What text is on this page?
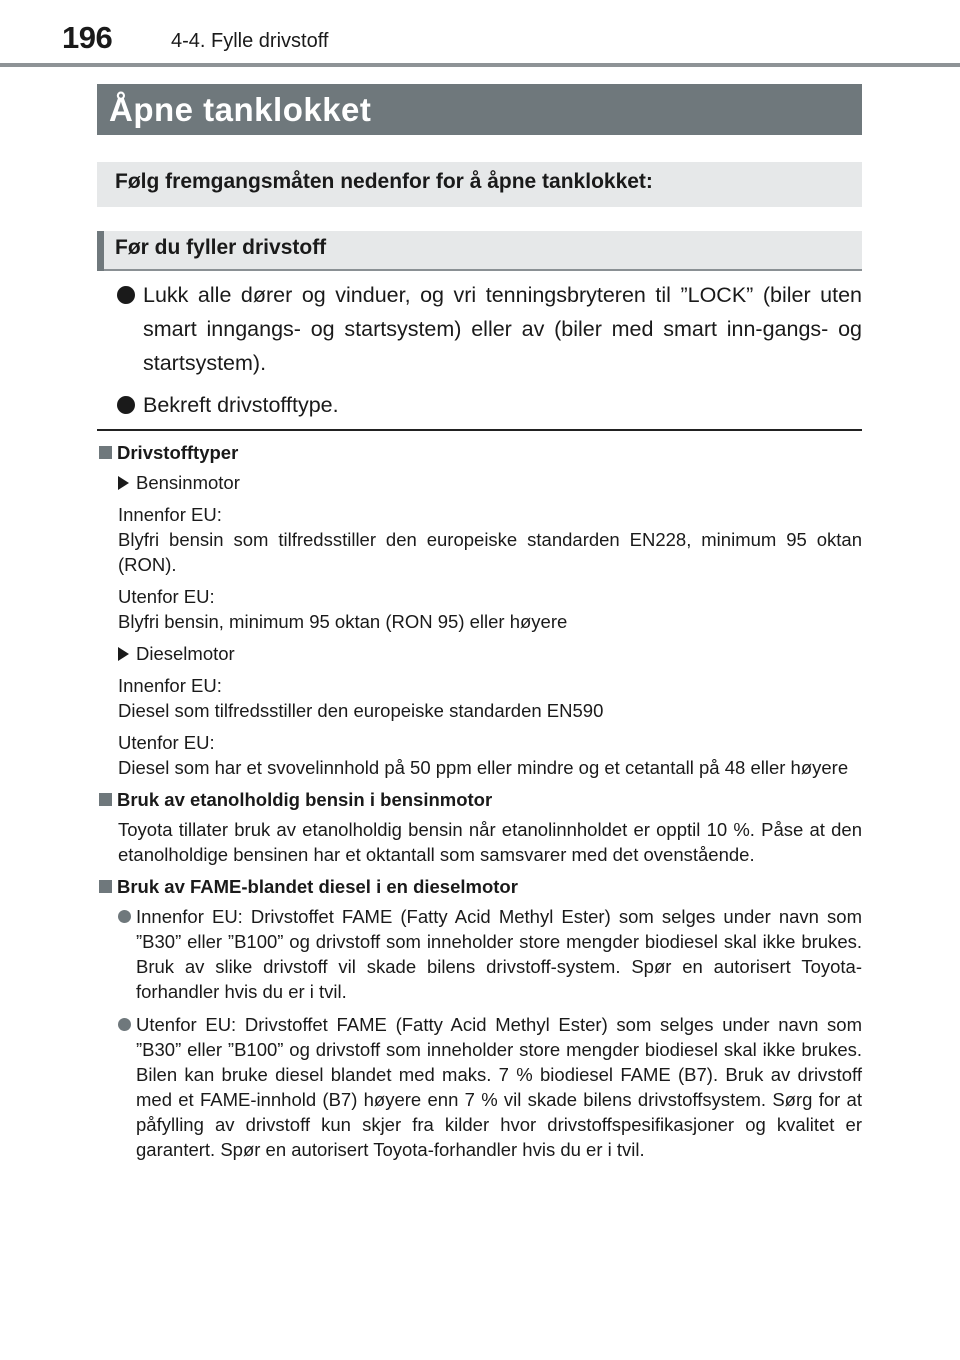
196	4-4. Fylle drivstoff
Åpne tanklokket
Følg fremgangsmåten nedenfor for å åpne tanklokket:
Før du fyller drivstoff
Lukk alle dører og vinduer, og vri tenningsbryteren til ”LOCK” (biler uten smart inngangs- og startsystem) eller av (biler med smart inn-gangs- og startsystem).
Bekreft drivstofftype.
Drivstofftyper
Bensinmotor
Innenfor EU:
Blyfri bensin som tilfredsstiller den europeiske standarden EN228, minimum 95 oktan (RON).
Utenfor EU:
Blyfri bensin, minimum 95 oktan (RON 95) eller høyere
Dieselmotor
Innenfor EU:
Diesel som tilfredsstiller den europeiske standarden EN590
Utenfor EU:
Diesel som har et svovelinnhold på 50 ppm eller mindre og et cetantall på 48 eller høyere
Bruk av etanolholdig bensin i bensinmotor
Toyota tillater bruk av etanolholdig bensin når etanolinnholdet er opptil 10 %. Påse at den etanolholdige bensinen har et oktantall som samsvarer med det ovenstående.
Bruk av FAME-blandet diesel i en dieselmotor
Innenfor EU: Drivstoffet FAME (Fatty Acid Methyl Ester) som selges under navn som ”B30” eller ”B100” og drivstoff som inneholder store mengder biodiesel skal ikke brukes. Bruk av slike drivstoff vil skade bilens drivstoff-system. Spør en autorisert Toyota-forhandler hvis du er i tvil.
Utenfor EU: Drivstoffet FAME (Fatty Acid Methyl Ester) som selges under navn som ”B30” eller ”B100” og drivstoff som inneholder store mengder biodiesel skal ikke brukes. Bilen kan bruke diesel blandet med maks. 7 % biodiesel FAME (B7). Bruk av drivstoff med et FAME-innhold (B7) høyere enn 7 % vil skade bilens drivstoffsystem. Sørg for at påfylling av drivstoff kun skjer fra kilder hvor drivstoffspesifikasjoner og kvalitet er garantert. Spør en autorisert Toyota-forhandler hvis du er i tvil.
